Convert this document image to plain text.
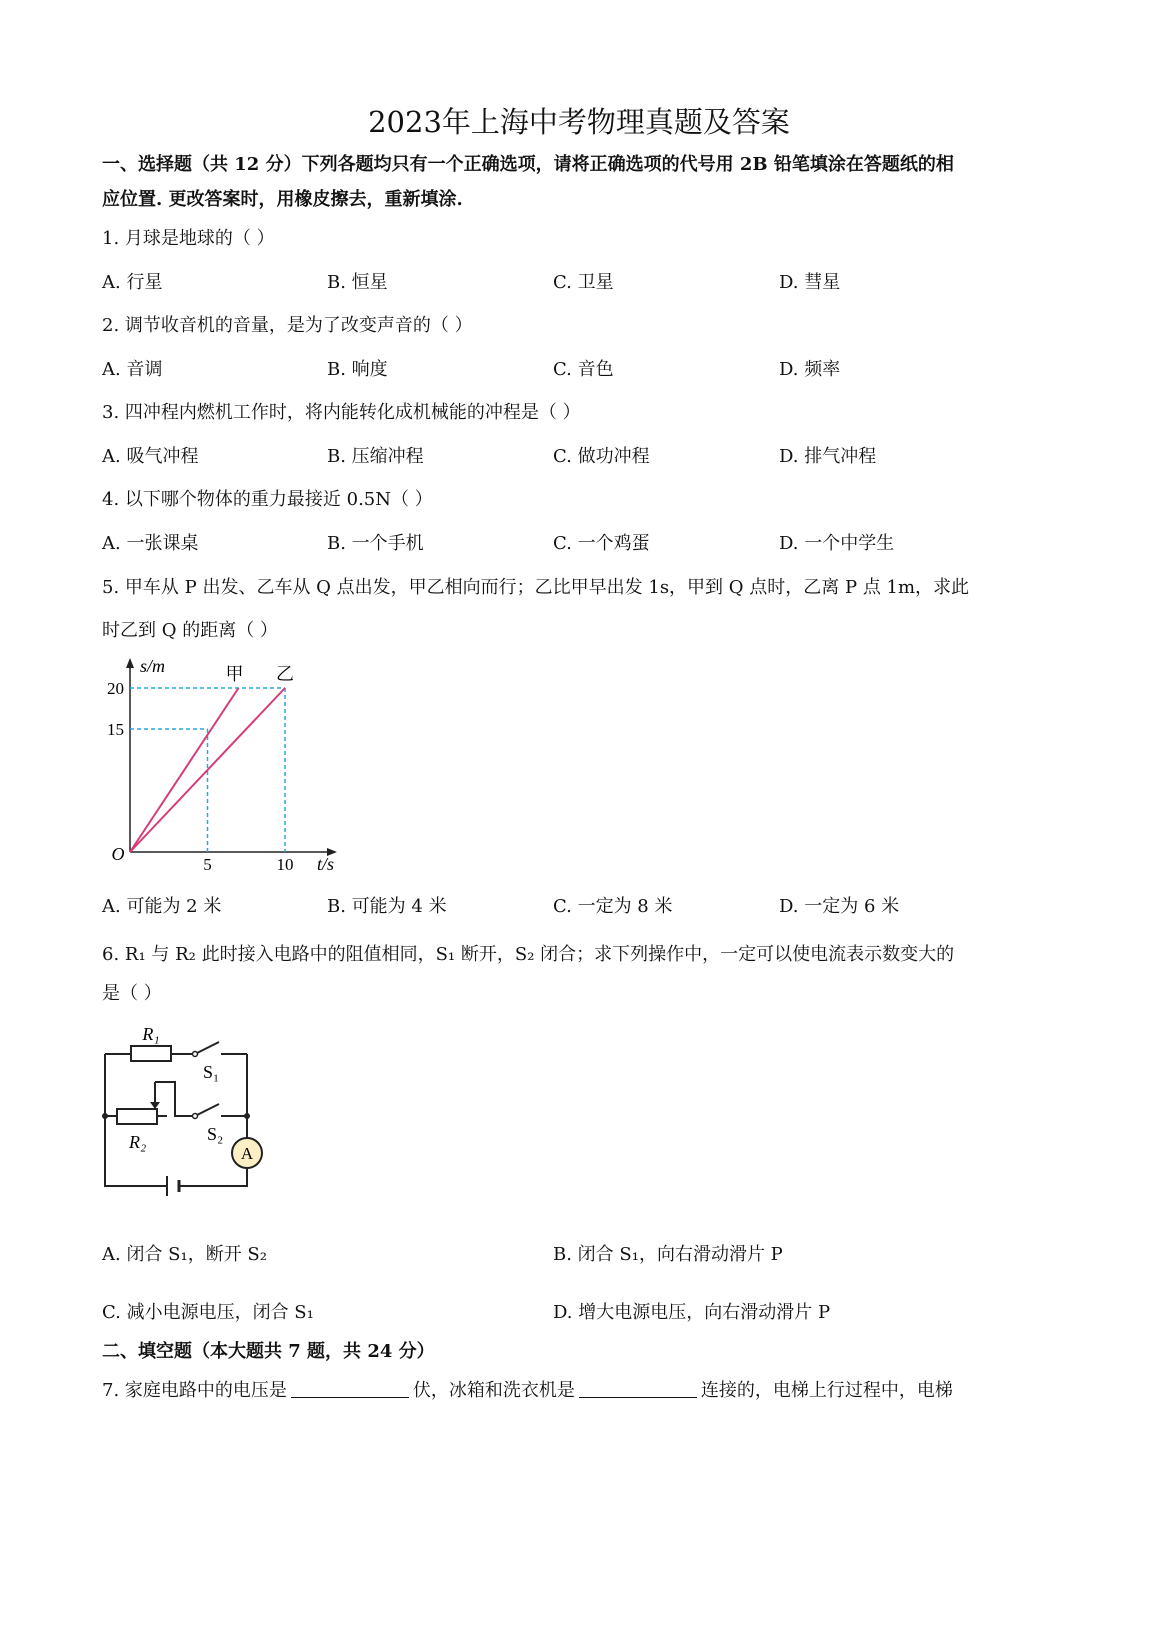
2023年上海中考物理真题及答案
一、选择题（共 12 分）下列各题均只有一个正确选项，请将正确选项的代号用 2B 铅笔填涂在答题纸的相
应位置. 更改答案时，用橡皮擦去，重新填涂.
1. 月球是地球的（ ）
A. 行星	B. 恒星	C. 卫星	D. 彗星
2. 调节收音机的音量，是为了改变声音的（ ）
A. 音调	B. 响度	C. 音色	D. 频率
3. 四冲程内燃机工作时，将内能转化成机械能的冲程是（ ）
A. 吸气冲程	B. 压缩冲程	C. 做功冲程	D. 排气冲程
4. 以下哪个物体的重力最接近 0.5N（ ）
A. 一张课桌	B. 一个手机	C. 一个鸡蛋	D. 一个中学生
5. 甲车从 P 出发、乙车从 Q 点出发，甲乙相向而行；乙比甲早出发 1s，甲到 Q 点时，乙离 P 点 1m，求此
时乙到 Q 的距离（ ）
甲 乙
O
5	10
15
20
s/m
t/s
A. 可能为 2 米	B. 可能为 4 米	C. 一定为 8 米	D. 一定为 6 米
6. R₁ 与 R₂ 此时接入电路中的阻值相同，S₁ 断开，S₂ 闭合；求下列操作中，一定可以使电流表示数变大的
是（ ）
R₁
S₁
R₂	S₂
A
A. 闭合 S₁，断开 S₂	B. 闭合 S₁，向右滑动滑片 P
C. 减小电源电压，闭合 S₁	D. 增大电源电压，向右滑动滑片 P
二、填空题（本大题共 7 题，共 24 分）
7. 家庭电路中的电压是	伏，冰箱和洗衣机是	连接的，电梯上行过程中，电梯
